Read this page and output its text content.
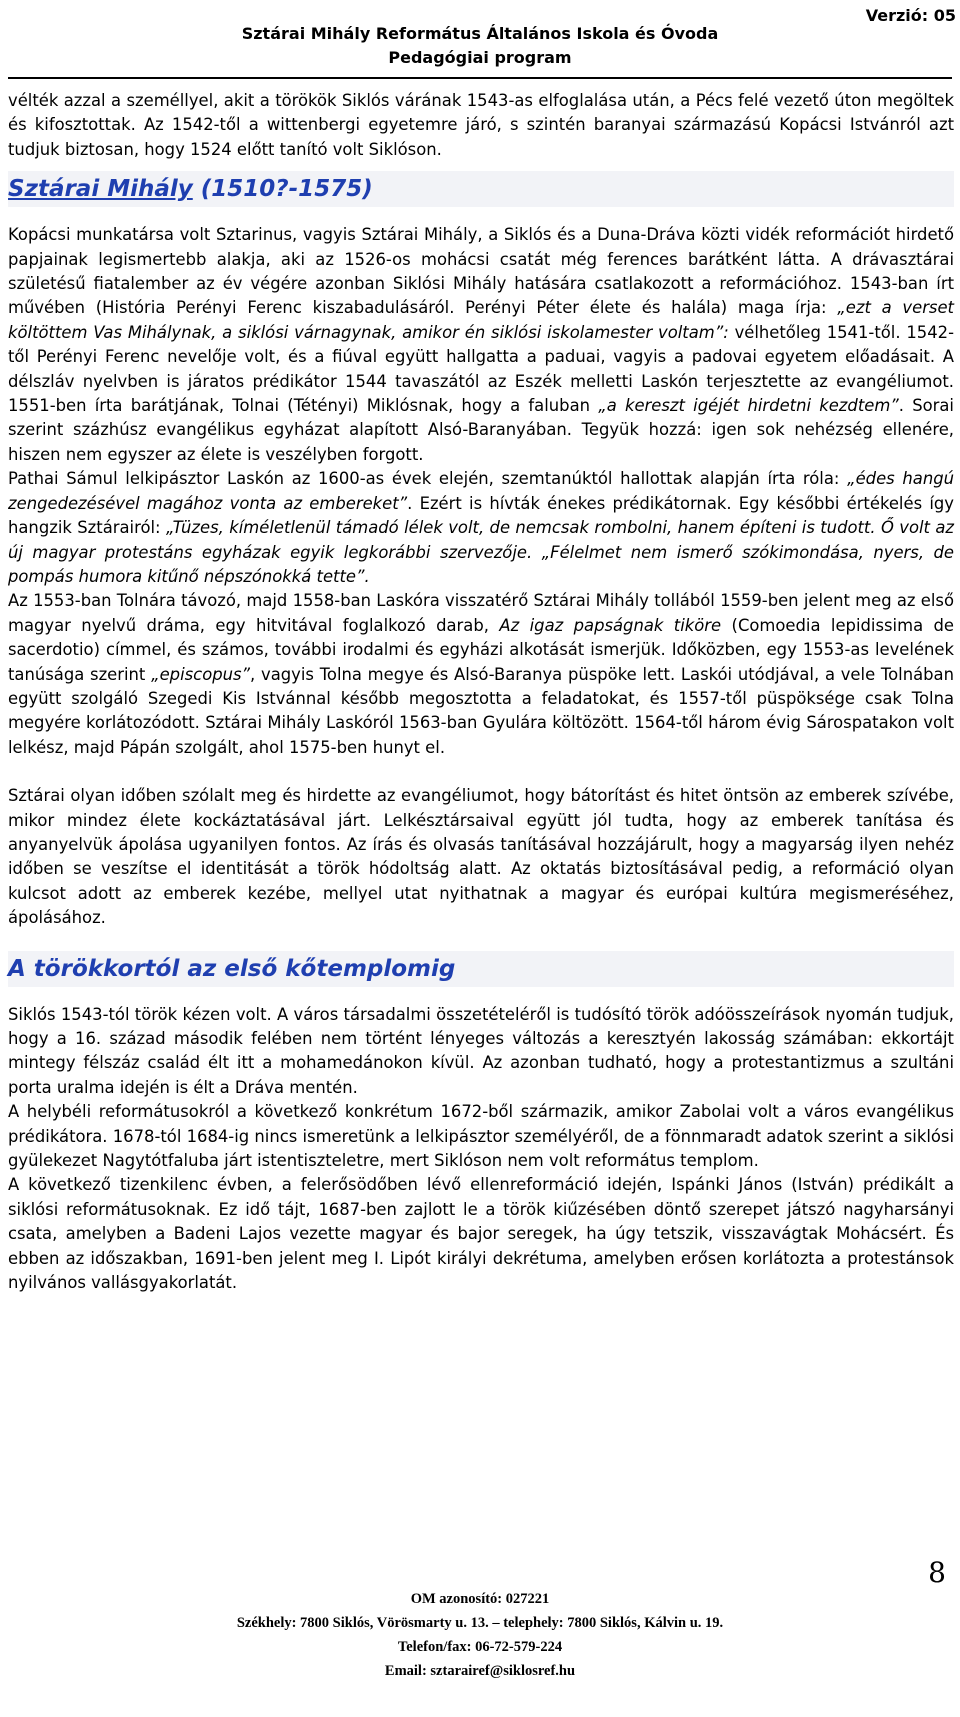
Verzió: 05
Sztárai Mihály Református Általános Iskola és Óvoda
Pedagógiai program

vélték azzal a személlyel, akit a törökök Siklós várának 1543-as elfoglalása után, a Pécs felé vezető úton megöltek és kifosztottak. Az 1542-től a wittenbergi egyetemre járó, s szintén baranyai származású Kopácsi Istvánról azt tudjuk biztosan, hogy 1524 előtt tanító volt Siklóson.

Sztárai Mihály (1510?-1575)

Kopácsi munkatársa volt Sztarinus, vagyis Sztárai Mihály, a Siklós és a Duna-Dráva közti vidék reformációt hirdető papjainak legismertebb alakja, aki az 1526-os mohácsi csatát még ferences barátként látta. A drávasztárai születésű fiatalember az év végére azonban Siklósi Mihály hatására csatlakozott a reformációhoz. 1543-ban írt művében (História Perényi Ferenc kiszabadulásáról. Perényi Péter élete és halála) maga írja: „ezt a verset költöttem Vas Mihálynak, a siklósi várnagynak, amikor én siklósi iskolamester voltam”: vélhetőleg 1541-től. 1542-től Perényi Ferenc nevelője volt, és a fiúval együtt hallgatta a paduai, vagyis a padovai egyetem előadásait. A délszláv nyelvben is járatos prédikátor 1544 tavaszától az Eszék melletti Laskón terjesztette az evangéliumot. 1551-ben írta barátjának, Tolnai (Tétényi) Miklósnak, hogy a faluban „a kereszt igéjét hirdetni kezdtem”. Sorai szerint százhúsz evangélikus egyházat alapított Alsó-Baranyában. Tegyük hozzá: igen sok nehézség ellenére, hiszen nem egyszer az élete is veszélyben forgott.

Pathai Sámul lelkipásztor Laskón az 1600-as évek elején, szemtanúktól hallottak alapján írta róla: „édes hangú zengedezésével magához vonta az embereket”. Ezért is hívták énekes prédikátornak. Egy későbbi értékelés így hangzik Sztárairól: „Tüzes, kíméletlenül támadó lélek volt, de nemcsak rombolni, hanem építeni is tudott. Ő volt az új magyar protestáns egyházak egyik legkorábbi szervezője. „Félelmet nem ismerő szókimondása, nyers, de pompás humora kitűnő népszónokká tette”.

Az 1553-ban Tolnára távozó, majd 1558-ban Laskóra visszatérő Sztárai Mihály tollából 1559-ben jelent meg az első magyar nyelvű dráma, egy hitvitával foglalkozó darab, Az igaz papságnak tiköre (Comoedia lepidissima de sacerdotio) címmel, és számos, további irodalmi és egyházi alkotását ismerjük. Időközben, egy 1553-as levelének tanúsága szerint „episcopus”, vagyis Tolna megye és Alsó-Baranya püspöke lett. Laskói utódjával, a vele Tolnában együtt szolgáló Szegedi Kis Istvánnal később megosztotta a feladatokat, és 1557-től püspöksége csak Tolna megyére korlátozódott. Sztárai Mihály Laskóról 1563-ban Gyulára költözött. 1564-től három évig Sárospatakon volt lelkész, majd Pápán szolgált, ahol 1575-ben hunyt el.

Sztárai olyan időben szólalt meg és hirdette az evangéliumot, hogy bátorítást és hitet öntsön az emberek szívébe, mikor mindez élete kockáztatásával járt. Lelkésztársaival együtt jól tudta, hogy az emberek tanítása és anyanyelvük ápolása ugyanilyen fontos. Az írás és olvasás tanításával hozzájárult, hogy a magyarság ilyen nehéz időben se veszítse el identitását a török hódoltság alatt. Az oktatás biztosításával pedig, a reformáció olyan kulcsot adott az emberek kezébe, mellyel utat nyithatnak a magyar és európai kultúra megismeréséhez, ápolásához.

A törökkortól az első kőtemplomig

Siklós 1543-tól török kézen volt. A város társadalmi összetételéről is tudósító török adóösszeírások nyomán tudjuk, hogy a 16. század második felében nem történt lényeges változás a keresztyén lakosság számában: ekkortájt mintegy félszáz család élt itt a mohamedánokon kívül. Az azonban tudható, hogy a protestantizmus a szultáni porta uralma idején is élt a Dráva mentén.

A helybéli reformátusokról a következő konkrétum 1672-ből származik, amikor Zabolai volt a város evangélikus prédikátora. 1678-tól 1684-ig nincs ismeretünk a lelkipásztor személyéről, de a fönnmaradt adatok szerint a siklósi gyülekezet Nagytótfaluba járt istentiszteletre, mert Siklóson nem volt református templom.

A következő tizenkilenc évben, a felerősödőben lévő ellenreformáció idején, Ispánki János (István) prédikált a siklósi reformátusoknak. Ez idő tájt, 1687-ben zajlott le a török kiűzésében döntő szerepet játszó nagyharsányi csata, amelyben a Badeni Lajos vezette magyar és bajor seregek, ha úgy tetszik, visszavágtak Mohácsért. És ebben az időszakban, 1691-ben jelent meg I. Lipót királyi dekrétuma, amelyben erősen korlátozta a protestánsok nyilvános vallásgyakorlatát.

8
OM azonosító: 027221
Székhely: 7800 Siklós, Vörösmarty u. 13. – telephely: 7800 Siklós, Kálvin u. 19.
Telefon/fax: 06-72-579-224
Email: sztarairef@siklosref.hu
